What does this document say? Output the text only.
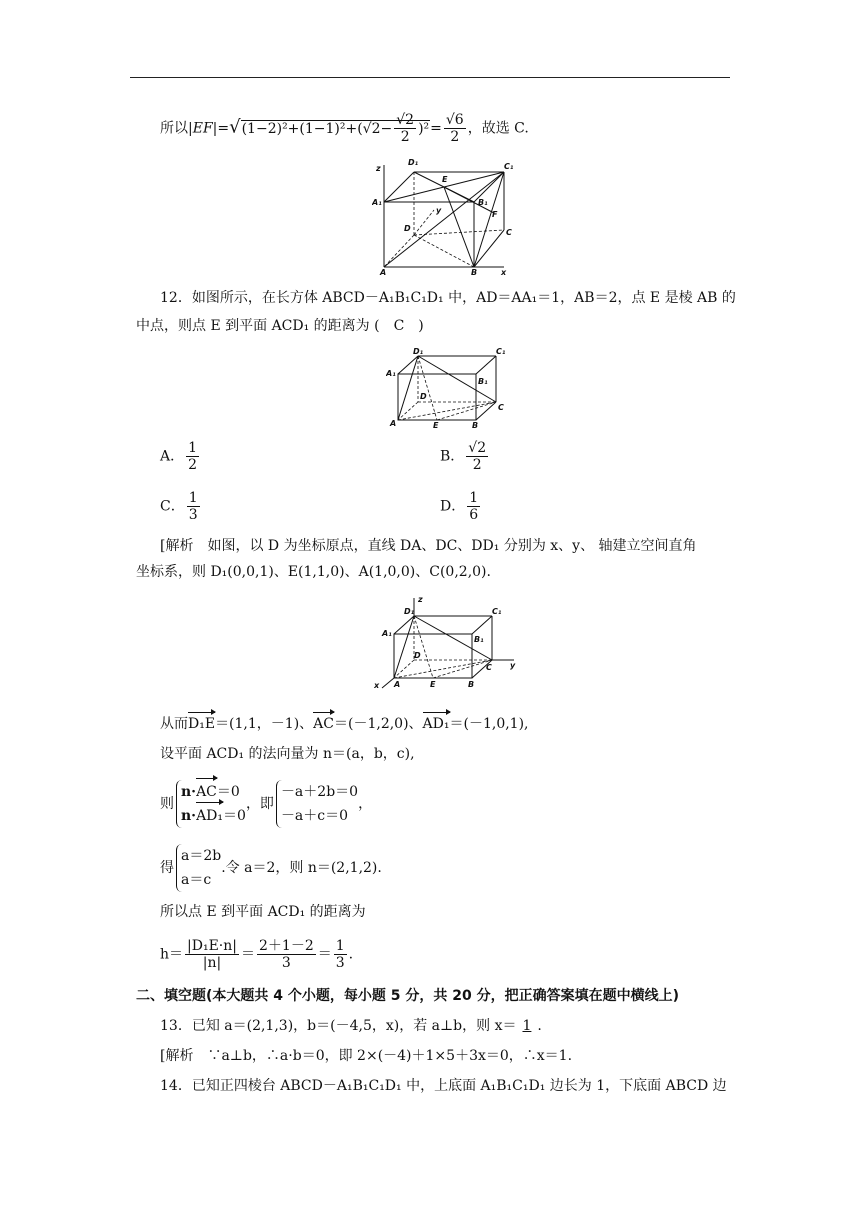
所以$|EF|=√(1-2)^2+(1-1)^2+(√2- \frac{√2}{2} )^2= \frac{√6}{2}$ ，故选 C.
z
D₁
E
C₁
A₁	B₁
y	F
D	C
A	B	x
12．如图所示，在长方体 ABCD－A₁B₁C₁D₁ 中，AD＝AA₁＝1，AB＝2，点 E 是棱 AB 的
中点，则点 E 到平面 ACD₁ 的距离为 (　C　)
D₁	C₁
A₁
B₁
D
C
A	E	B
A． $\frac{1}{2}$	B． $\frac{√2}{2}$
C． $\frac{1}{3}$	D． $\frac{1}{6}$
[解析　如图，以 D 为坐标原点，直线 DA、DC、DD₁ 分别为 x、y、 轴建立空间直角
坐标系，则 D₁(0,0,1)、E(1,1,0)、A(1,0,0)、C(0,2,0).
z
D₁	C₁
A₁
B₁
D
C y
x A	E	B
从而D₁E＝(1,1，－1)、AC＝(－1,2,0)、AD₁＝(－1,0,1),
设平面 ACD₁ 的法向量为 n＝(a，b，c),
则
n·AC＝0
n·AD₁＝0
，即
－a＋2b＝0
－a＋c＝0
，
得
a＝2b
a＝c
.令 a＝2，则 n＝(2,1,2).
所以点 E 到平面 ACD₁ 的距离为
$h= \frac{\text{|D₁E·n|}}{|n|} = \frac{2+1-2}{3} = \frac{1}{3}$ .
二、填空题(本大题共 4 个小题，每小题 5 分，共 20 分，把正确答案填在题中横线上)
13．已知 a＝(2,1,3)，b＝(－4,5，x)，若 a⊥b，则 x＝ 1 .
[解析　∵a⊥b，∴a·b＝0，即 2×(－4)＋1×5＋3x＝0，∴x＝1.
14．已知正四棱台 ABCD－A₁B₁C₁D₁ 中，上底面 A₁B₁C₁D₁ 边长为 1，下底面 ABCD 边
